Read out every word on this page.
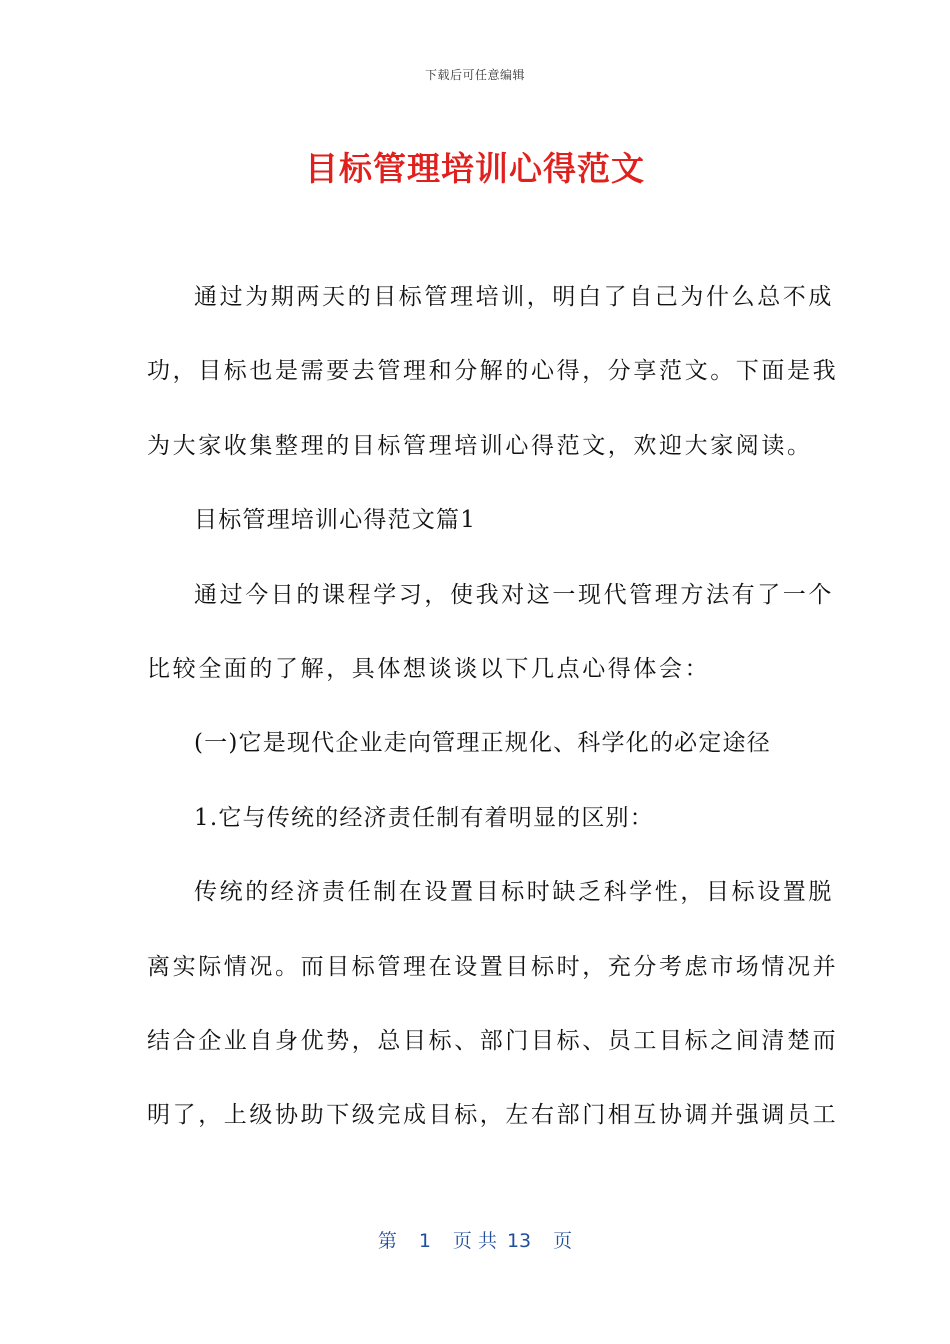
下载后可任意编辑
目标管理培训心得范文
通过为期两天的目标管理培训，明白了自己为什么总不成
功，目标也是需要去管理和分解的心得，分享范文。下面是我
为大家收集整理的目标管理培训心得范文，欢迎大家阅读。
目标管理培训心得范文篇1
通过今日的课程学习，使我对这一现代管理方法有了一个
比较全面的了解，具体想谈谈以下几点心得体会：
(一)它是现代企业走向管理正规化、科学化的必定途径
1.它与传统的经济责任制有着明显的区别：
传统的经济责任制在设置目标时缺乏科学性，目标设置脱
离实际情况。而目标管理在设置目标时，充分考虑市场情况并
结合企业自身优势，总目标、部门目标、员工目标之间清楚而
明了，上级协助下级完成目标，左右部门相互协调并强调员工
第 1 页 共 13 页
